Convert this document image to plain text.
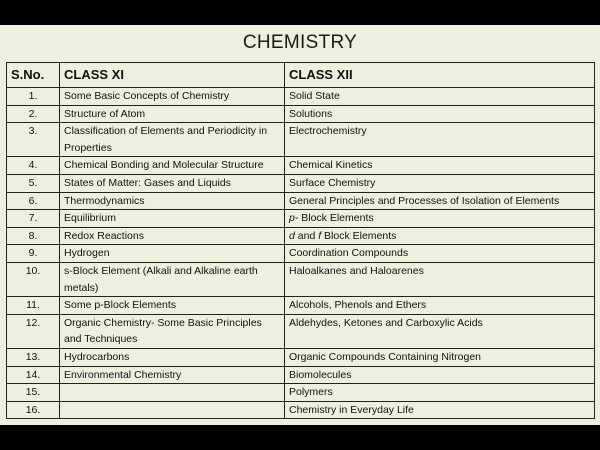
CHEMISTRY
S.No.	CLASS XI	CLASS XII
1.	Some Basic Concepts of Chemistry	Solid State
2.	Structure of Atom	Solutions
3.	Classification of Elements and Periodicity in Properties	Electrochemistry
4.	Chemical Bonding and Molecular Structure	Chemical Kinetics
5.	States of Matter: Gases and Liquids	Surface Chemistry
6.	Thermodynamics	General Principles and Processes of Isolation of Elements
7.	Equilibrium	p- Block Elements
8.	Redox Reactions	d and f Block Elements
9.	Hydrogen	Coordination Compounds
10.	s-Block Element (Alkali and Alkaline earth metals)	Haloalkanes and Haloarenes
11.	Some p-Block Elements	Alcohols, Phenols and Ethers
12.	Organic Chemistry- Some Basic Principles and Techniques	Aldehydes, Ketones and Carboxylic Acids
13.	Hydrocarbons	Organic Compounds Containing Nitrogen
14.	Environmental Chemistry	Biomolecules
15.		Polymers
16.		Chemistry in Everyday Life
